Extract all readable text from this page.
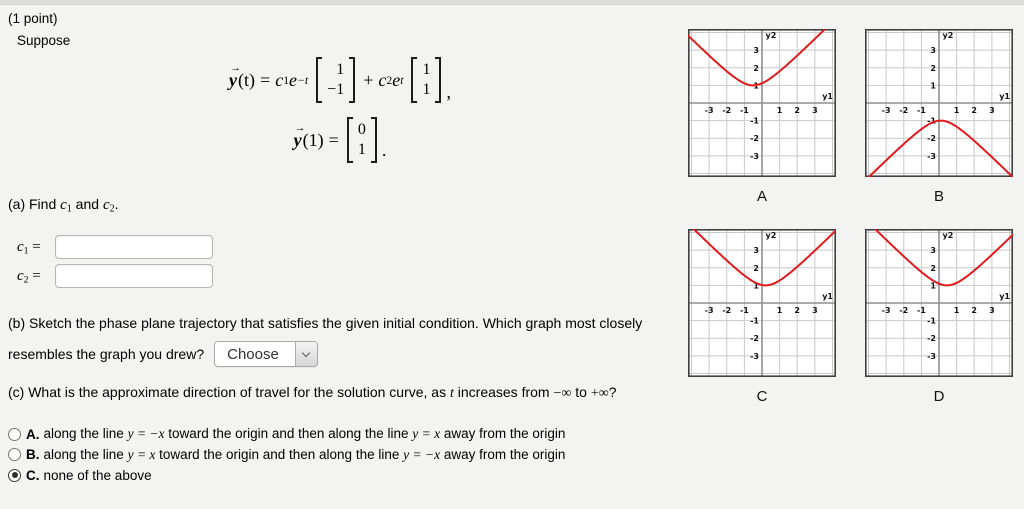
(1 point)
Suppose
→
y (t) = c 1 e −t
1
−1 + c 2 e t
1
1 ,
→
y (1) = 0
1 .
(a) Find $c_1$ and $c_2$.
$c_1$ =
$c_2$ =
(b) Sketch the phase plane trajectory that satisfies the given initial condition. Which graph most closely
resembles the graph you drew?	Choose
(c) What is the approximate direction of travel for the solution curve, as t increases from −∞ to +∞?
A. along the line y = −x toward the origin and then along the line y = x away from the origin
B. along the line y = x toward the origin and then along the line y = −x away from the origin
C. none of the above
-3
-3
-2
-2
-1
-1
1
1
2
2
3
3
y1
y2
A
-3
-3
-2
-2
-1
-1
1
1
2
2
3
3
y1
y2
B
-3
-3
-2
-2
-1
-1
1
1
2
2
3
3
y1
y2
C
-3
-3
-2
-2
-1
-1
1
1
2
2
3
3
y1
y2
D
